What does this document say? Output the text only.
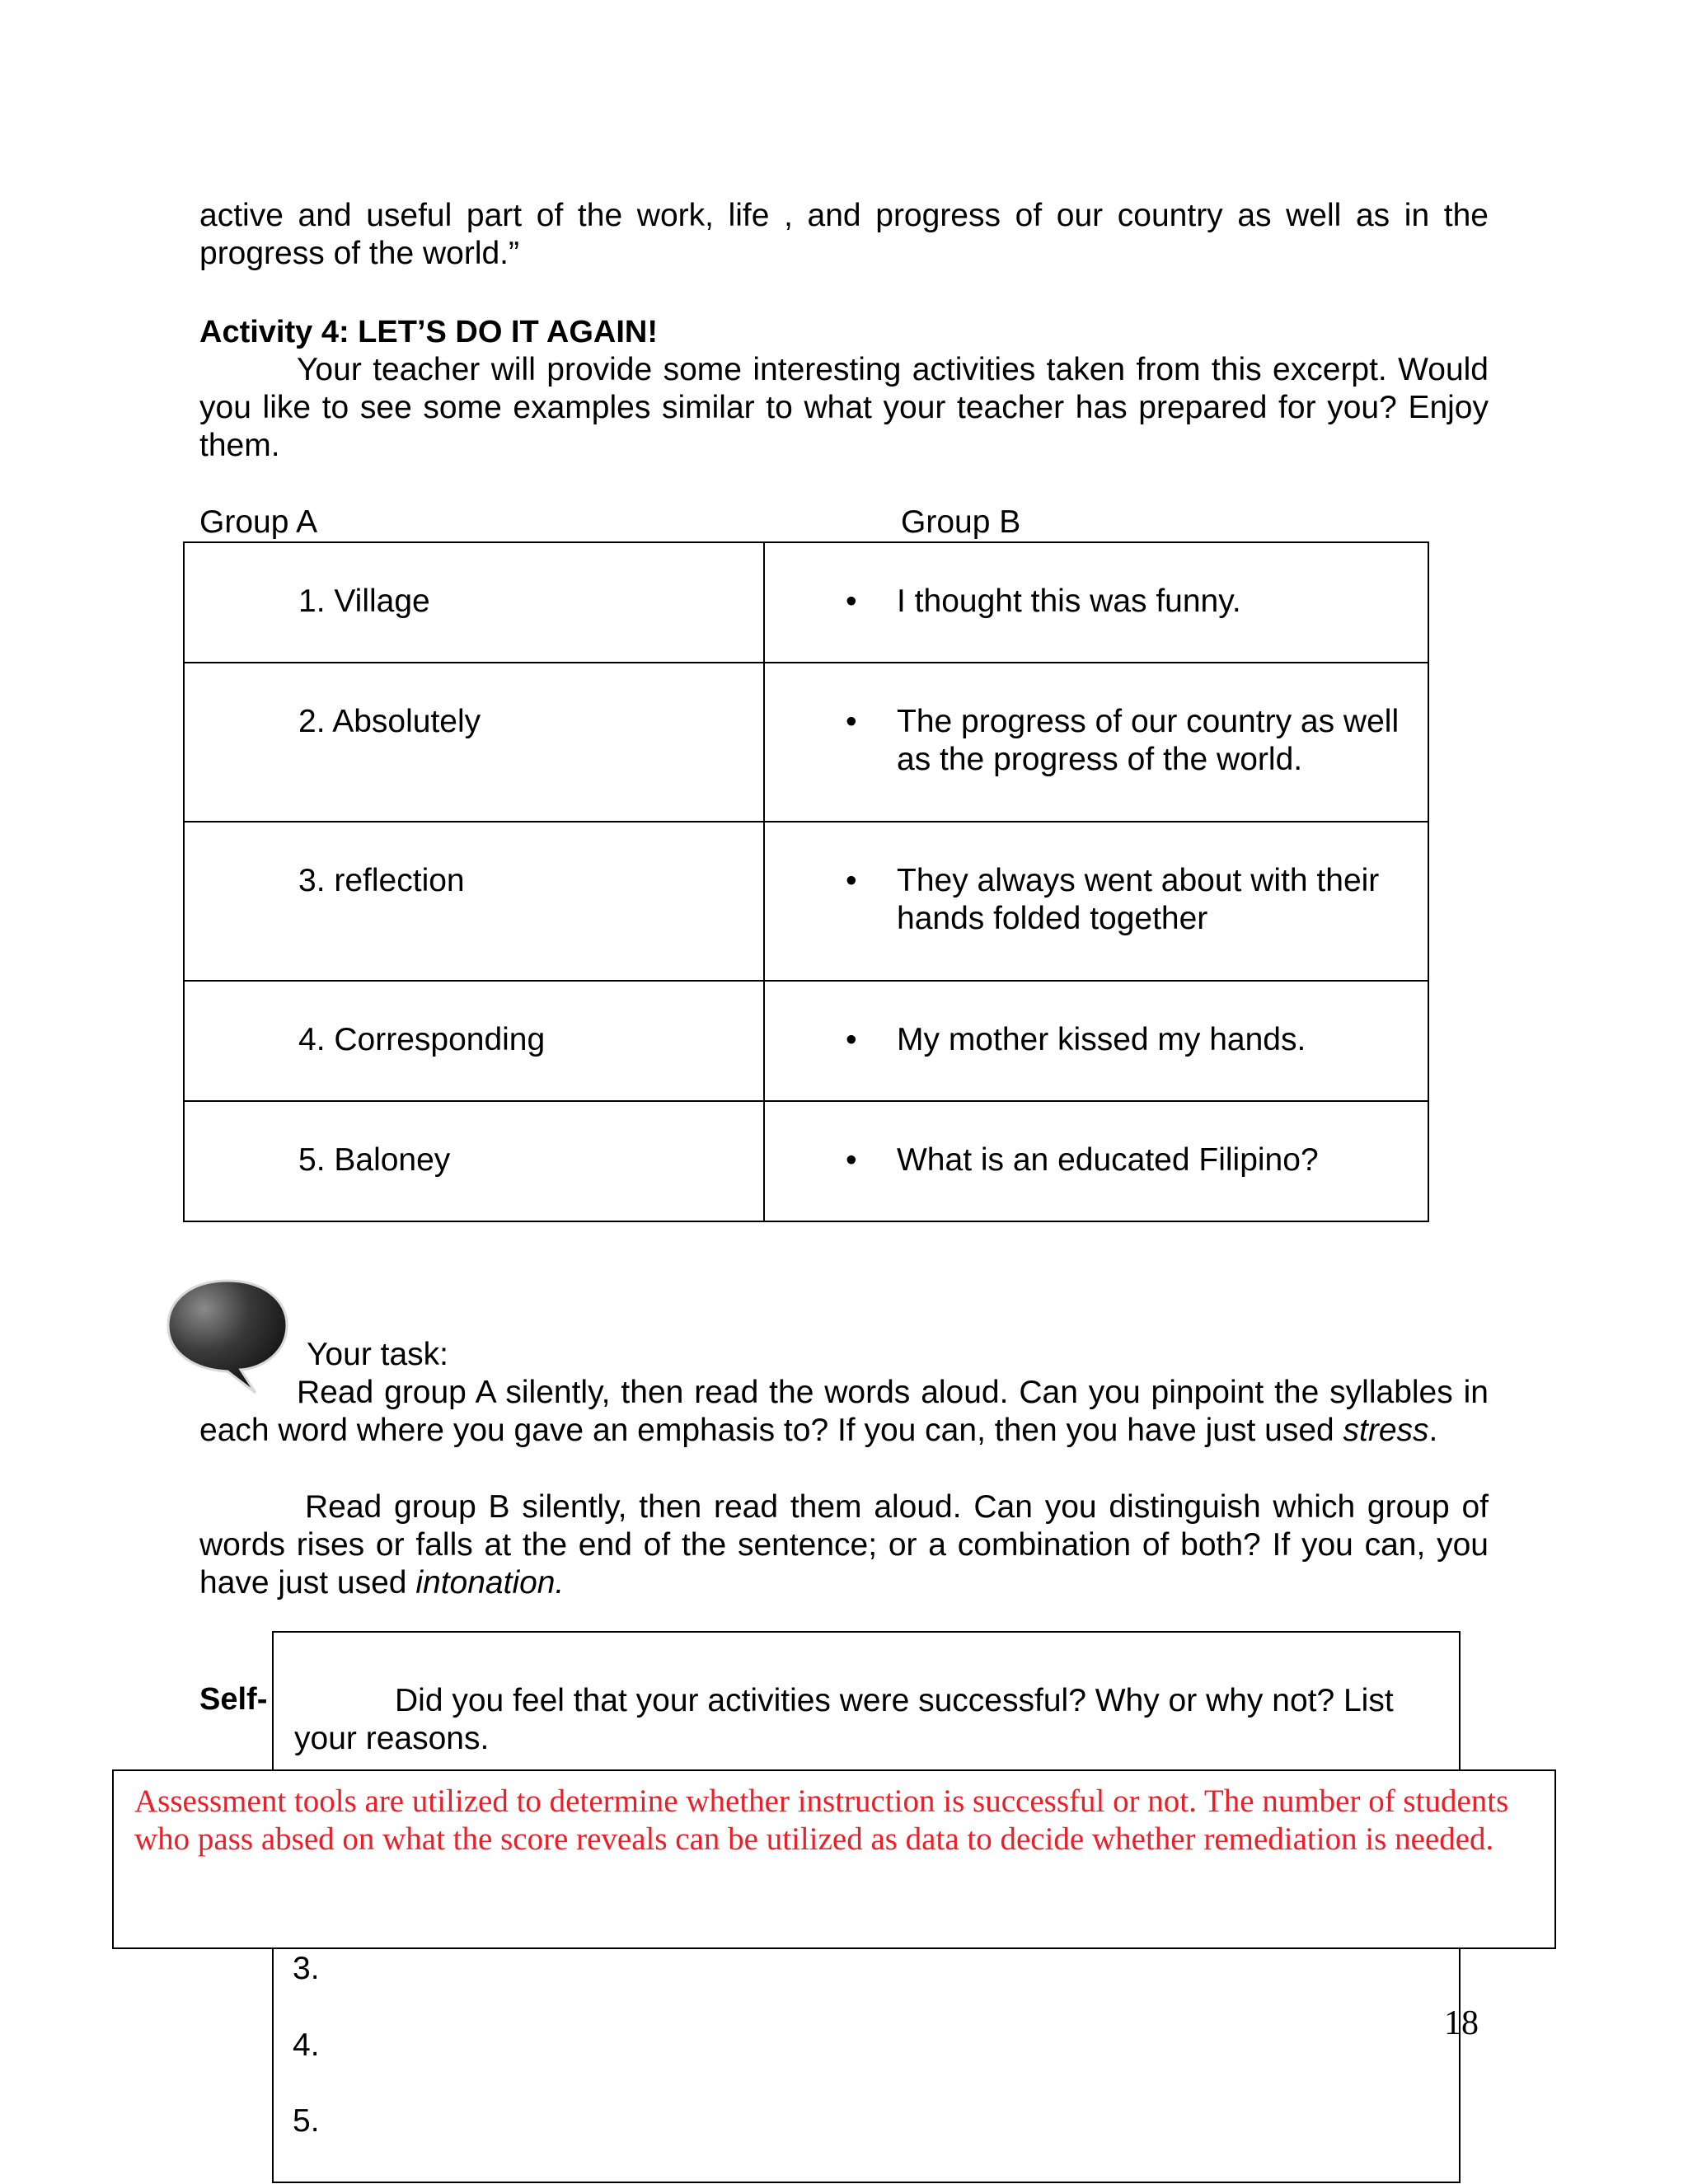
active and useful part of the work, life , and progress of our country as well as in the progress of the world.”

Activity 4: LET’S DO IT AGAIN!

Your teacher will provide some interesting activities taken from this excerpt. Would you like to see some examples similar to what your teacher has prepared for you? Enjoy them.

Group A	Group B
1. Village	• I thought this was funny.

2. Absolutely	• The progress of our country as well as the progress of the world.

3. reflection	• They always went about with their hands folded together

4. Corresponding	• My mother kissed my hands.

5. Baloney	• What is an educated Filipino?
Your task:

Read group A silently, then read the words aloud. Can you pinpoint the syllables in each word where you gave an emphasis to? If you can, then you have just used stress.

Read group B silently, then read them aloud. Can you distinguish which group of words rises or falls at the end of the sentence; or a combination of both? If you can, you have just used intonation.

Self-	Did you feel that your activities were successful? Why or why not? List your reasons.

3.
4.
5.
Assessment tools are utilized to determine whether instruction is successful or not. The number of students who pass absed on what the score reveals can be utilized as data to decide whether remediation is needed.
18
